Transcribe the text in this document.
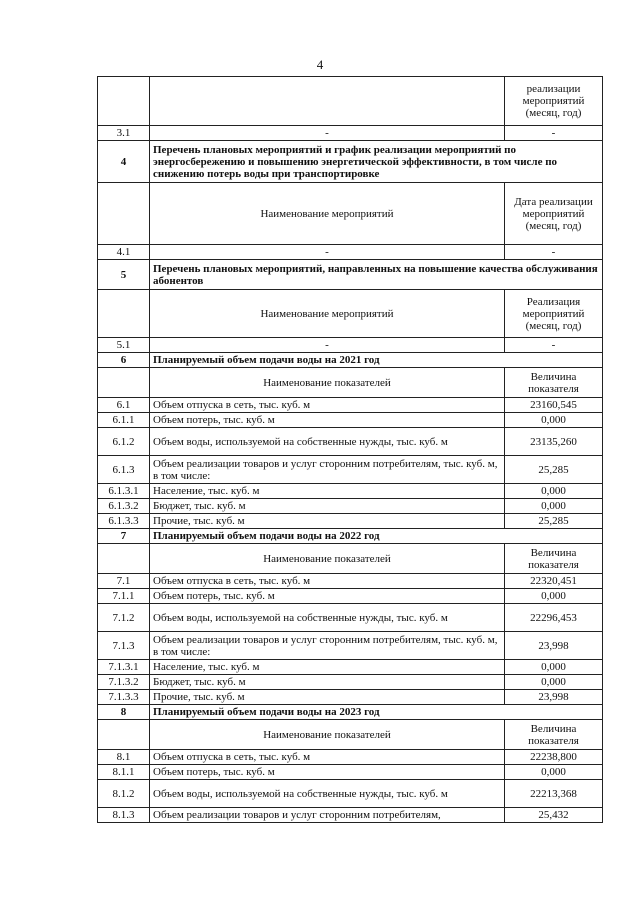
4
		реализации мероприятий (месяц, год)
3.1	-	-
4	Перечень плановых мероприятий и график реализации мероприятий по энергосбережению и повышению энергетической эффективности, в том числе по снижению потерь воды при транспортировке	
	Наименование мероприятий	Дата реализации мероприятий (месяц, год)
4.1	-	-
5	Перечень плановых мероприятий, направленных на повышение качества обслуживания абонентов	
	Наименование мероприятий	Реализация мероприятий (месяц, год)
5.1	-	-
6	Планируемый объем подачи воды на 2021 год	
	Наименование показателей	Величина показателя
6.1	Объем отпуска в сеть, тыс. куб. м	23160,545
6.1.1	Объем потерь, тыс. куб. м	0,000
6.1.2	Объем воды, используемой на собственные нужды, тыс. куб. м	23135,260
6.1.3	Объем реализации товаров и услуг сторонним потребителям, тыс. куб. м, в том числе:	25,285
6.1.3.1	Население, тыс. куб. м	0,000
6.1.3.2	Бюджет, тыс. куб. м	0,000
6.1.3.3	Прочие, тыс. куб. м	25,285
7	Планируемый объем подачи воды на 2022 год	
	Наименование показателей	Величина показателя
7.1	Объем отпуска в сеть, тыс. куб. м	22320,451
7.1.1	Объем потерь, тыс. куб. м	0,000
7.1.2	Объем воды, используемой на собственные нужды, тыс. куб. м	22296,453
7.1.3	Объем реализации товаров и услуг сторонним потребителям, тыс. куб. м, в том числе:	23,998
7.1.3.1	Население, тыс. куб. м	0,000
7.1.3.2	Бюджет, тыс. куб. м	0,000
7.1.3.3	Прочие, тыс. куб. м	23,998
8	Планируемый объем подачи воды на 2023 год	
	Наименование показателей	Величина показателя
8.1	Объем отпуска в сеть, тыс. куб. м	22238,800
8.1.1	Объем потерь, тыс. куб. м	0,000
8.1.2	Объем воды, используемой на собственные нужды, тыс. куб. м	22213,368
8.1.3	Объем реализации товаров и услуг сторонним потребителям,	25,432
